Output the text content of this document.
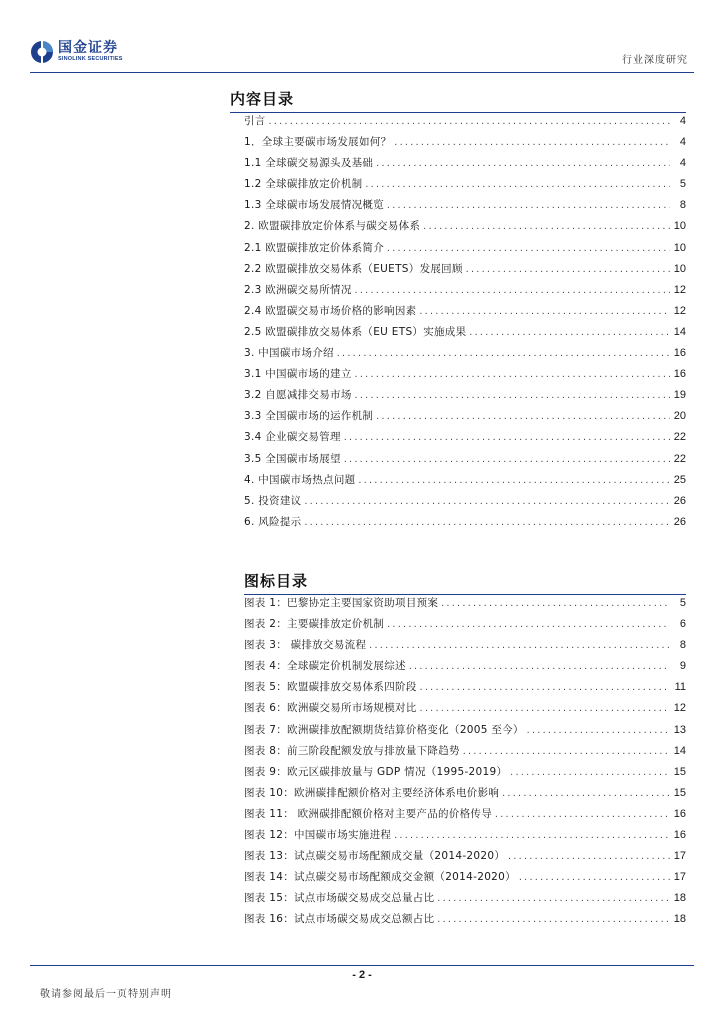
国金证券
SINOLINK SECURITIES	行业深度研究
内容目录
引言 .....	4
1．全球主要碳市场发展如何？ .....	4
1.1 全球碳交易源头及基础 .....	4
1.2 全球碳排放定价机制 .....	5
1.3 全球碳市场发展情况概览 .....	8
2. 欧盟碳排放定价体系与碳交易体系 .....	10
2.1 欧盟碳排放定价体系简介 .....	10
2.2 欧盟碳排放交易体系（EUETS）发展回顾 .....	10
2.3 欧洲碳交易所情况 .....	12
2.4 欧盟碳交易市场价格的影响因素 .....	12
2.5 欧盟碳排放交易体系（EU ETS）实施成果 .....	14
3. 中国碳市场介绍 .....	16
3.1 中国碳市场的建立 .....	16
3.2 自愿减排交易市场 .....	19
3.3 全国碳市场的运作机制 .....	20
3.4 企业碳交易管理 .....	22
3.5 全国碳市场展望 .....	22
4. 中国碳市场热点问题 .....	25
5. 投资建议 .....	26
6. 风险提示 .....	26
图标目录
图表 1：巴黎协定主要国家资助项目预案 .....	5
图表 2：主要碳排放定价机制 .....	6
图表 3： 碳排放交易流程 .....	8
图表 4：全球碳定价机制发展综述 .....	9
图表 5：欧盟碳排放交易体系四阶段 .....	11
图表 6：欧洲碳交易所市场规模对比 .....	12
图表 7：欧洲碳排放配额期货结算价格变化（2005 至今） .....	13
图表 8：前三阶段配额发放与排放量下降趋势 .....	14
图表 9：欧元区碳排放量与 GDP 情况（1995-2019） .....	15
图表 10：欧洲碳排配额价格对主要经济体系电价影响 .....	15
图表 11： 欧洲碳排配额价格对主要产品的价格传导 .....	16
图表 12：中国碳市场实施进程 .....	16
图表 13：试点碳交易市场配额成交量（2014-2020） .....	17
图表 14：试点碳交易市场配额成交金额（2014-2020） .....	17
图表 15：试点市场碳交易成交总量占比 .....	18
图表 16：试点市场碳交易成交总额占比 .....	18
- 2 -
敬请参阅最后一页特别声明
